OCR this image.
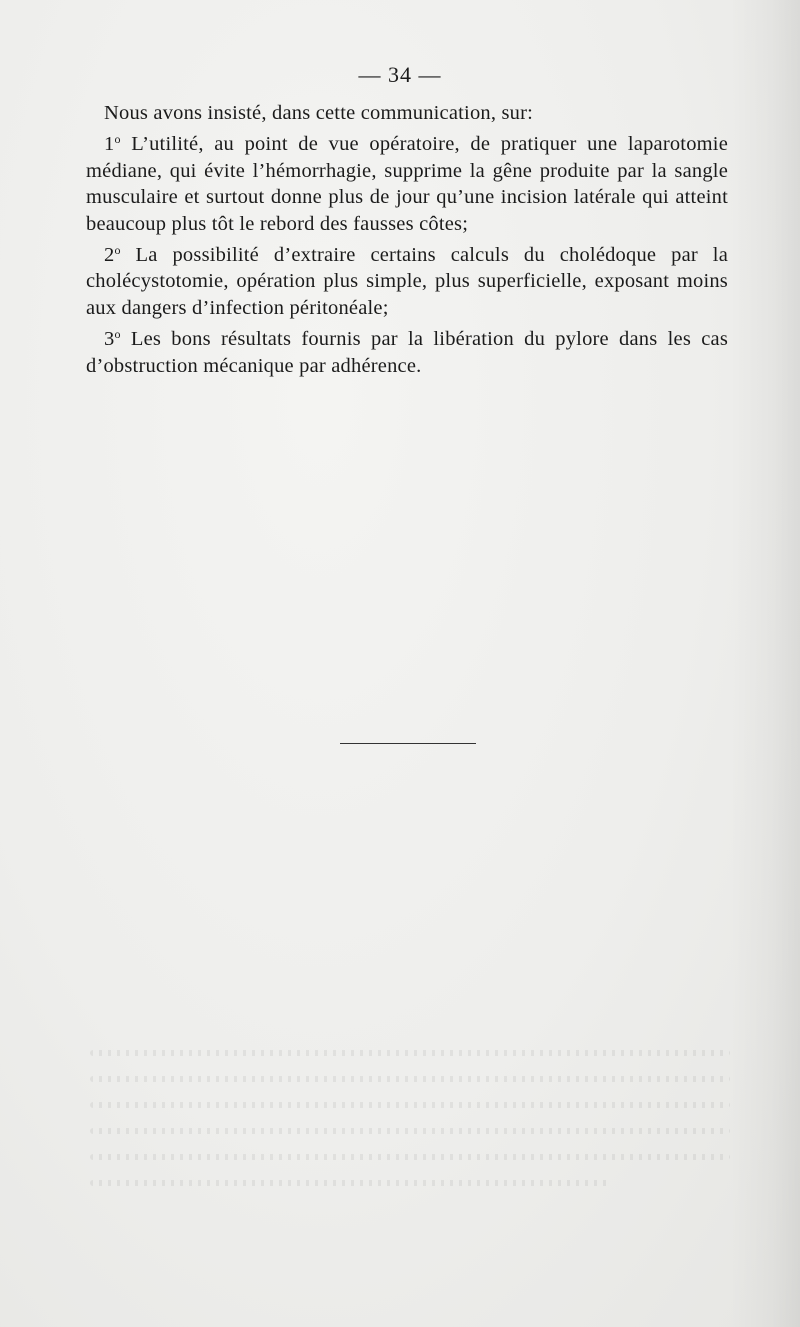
— 34 —

Nous avons insisté, dans cette communication, sur:

1$^o$ L’utilité, au point de vue opératoire, de pratiquer une laparotomie médiane, qui évite l’hémorrhagie, supprime la gêne produite par la sangle musculaire et surtout donne plus de jour qu’une incision latérale qui atteint beaucoup plus tôt le rebord des fausses côtes;

2$^o$ La possibilité d’extraire certains calculs du cholédoque par la cholécystotomie, opération plus simple, plus superficielle, exposant moins aux dangers d’infection péritonéale;

3$^o$ Les bons résultats fournis par la libération du pylore dans les cas d’obstruction mécanique par adhérence.
